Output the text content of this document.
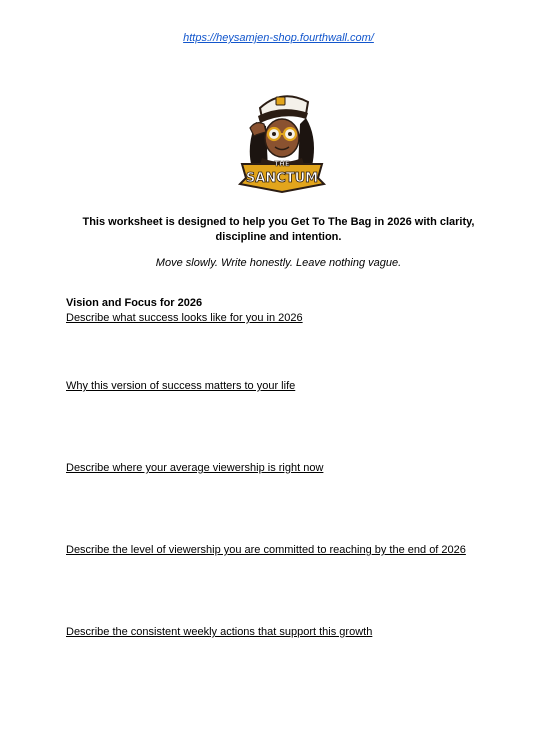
https://heysamjen-shop.fourthwall.com/
THE
SANCTUM
This worksheet is designed to help you Get To The Bag in 2026 with clarity, discipline and intention.
Move slowly. Write honestly. Leave nothing vague.
Vision and Focus for 2026
Describe what success looks like for you in 2026
Why this version of success matters to your life
Describe where your average viewership is right now
Describe the level of viewership you are committed to reaching by the end of 2026
Describe the consistent weekly actions that support this growth
